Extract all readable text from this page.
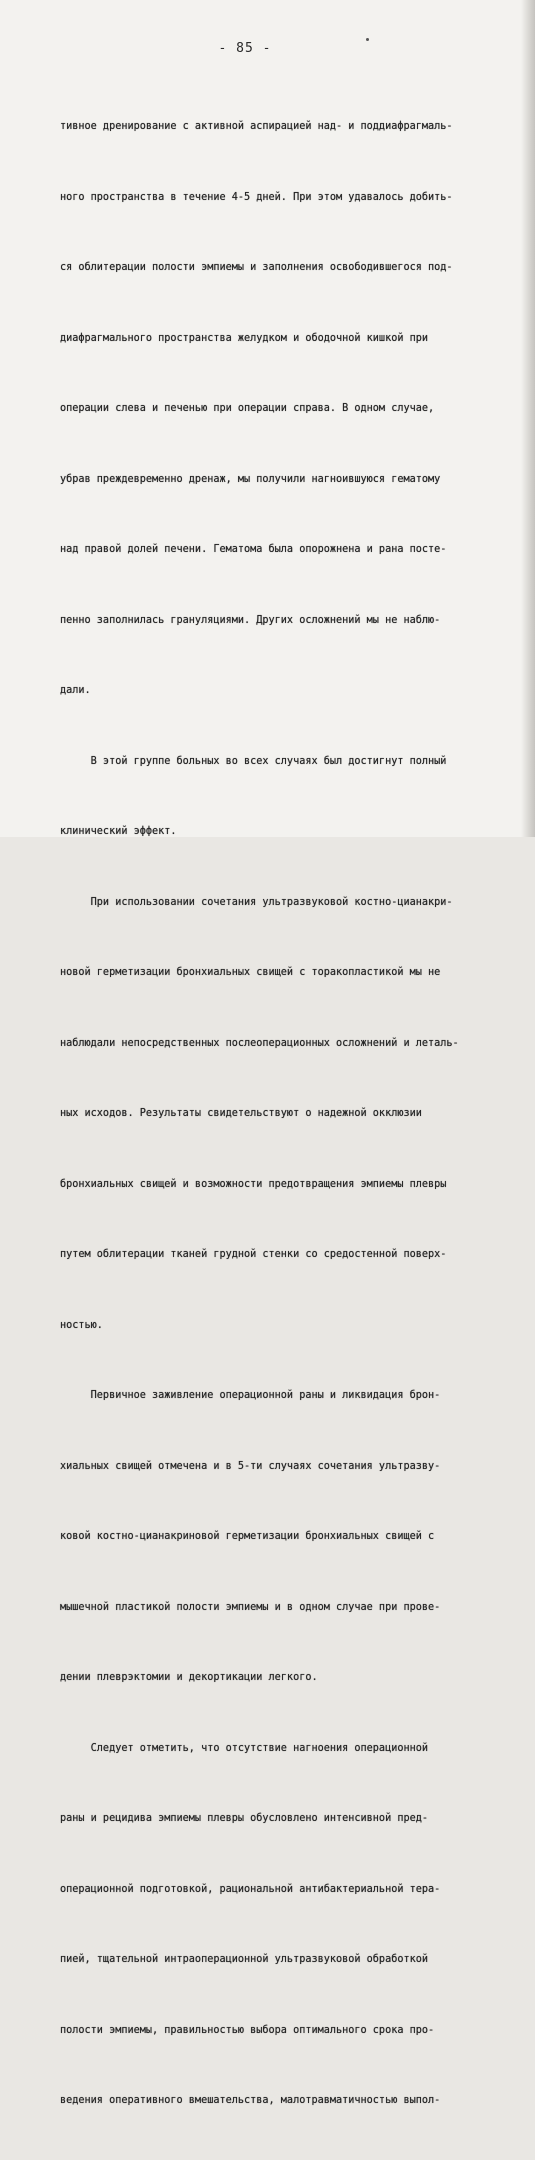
- 85 -

тивное дренирование с активной аспирацией над- и поддиафрагмаль-

ного пространства в течение 4-5 дней. При этом удавалось добить-

ся облитерации полости эмпиемы и заполнения освободившегося под-

диафрагмального пространства желудком и ободочной кишкой при

операции слева и печенью при операции справа. В одном случае,

убрав преждевременно дренаж, мы получили нагноившуюся гематому

над правой долей печени. Гематома была опорожнена и рана посте-

пенно заполнилась грануляциями. Других осложнений мы не наблю-

дали.

В этой группе больных во всех случаях был достигнут полный

клинический эффект.

При использовании сочетания ультразвуковой костно-цианакри-

новой герметизации бронхиальных свищей с торакопластикой мы не

наблюдали непосредственных послеоперационных осложнений и леталь-

ных исходов. Результаты свидетельствуют о надежной окклюзии

бронхиальных свищей и возможности предотвращения эмпиемы плевры

путем облитерации тканей грудной стенки со средостенной поверх-

ностью.

Первичное заживление операционной раны и ликвидация брон-

хиальных свищей отмечена и в 5-ти случаях сочетания ультразву-

ковой костно-цианакриновой герметизации бронхиальных свищей с

мышечной пластикой полости эмпиемы и в одном случае при прове-

дении плеврэктомии и декортикации легкого.

Следует отметить, что отсутствие нагноения операционной

раны и рецидива эмпиемы плевры обусловлено интенсивной пред-

операционной подготовкой, рациональной антибактериальной тера-

пией, тщательной интраоперационной ультразвуковой обработкой

полости эмпиемы, правильностью выбора оптимального срока про-

ведения оперативного вмешательства, малотравматичностью выпол-
